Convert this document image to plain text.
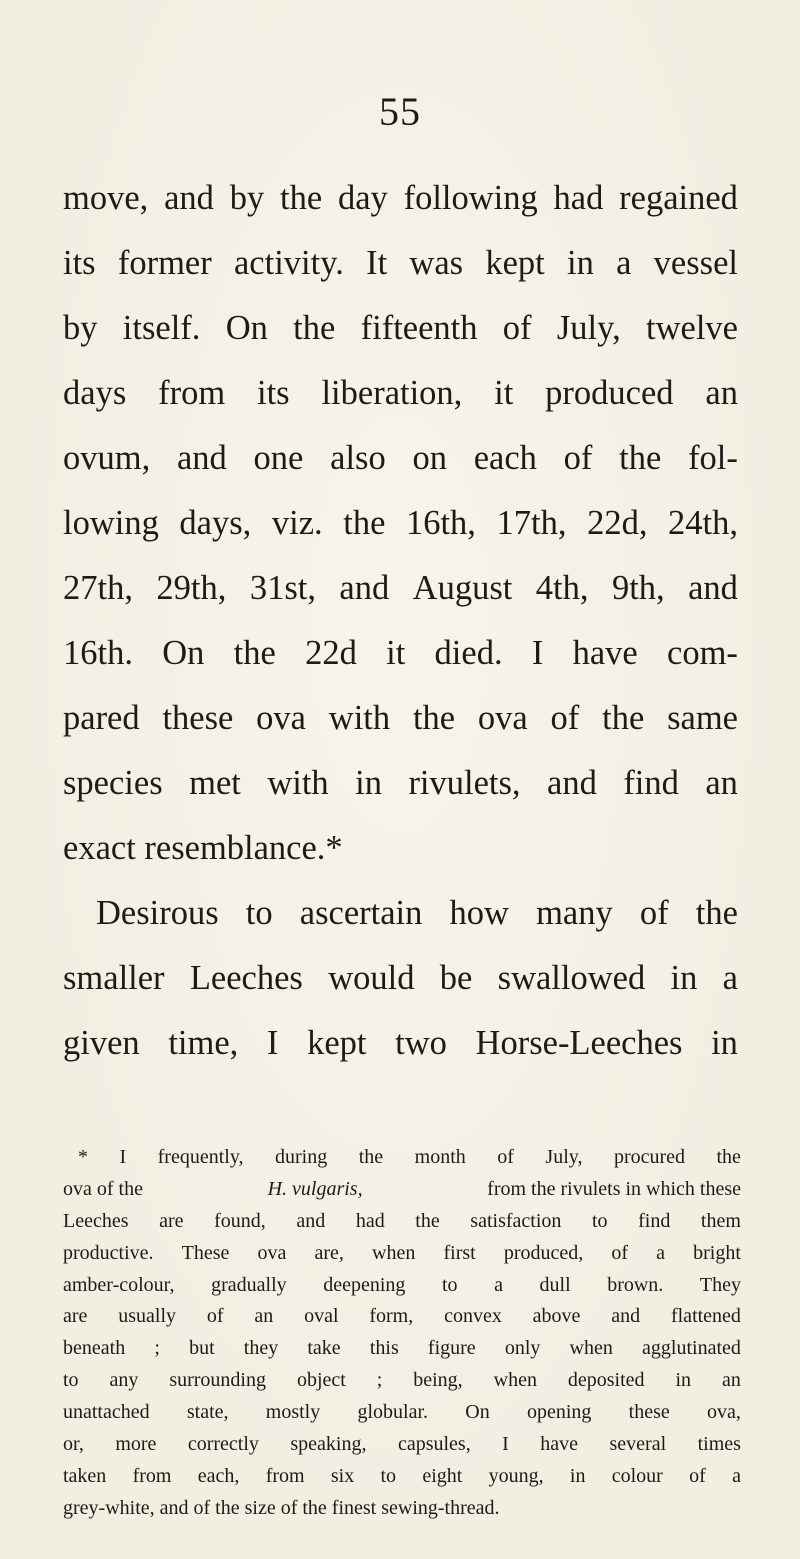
55
move, and by the day following had regained
its former activity. It was kept in a vessel
by itself. On the fifteenth of July, twelve
days from its liberation, it produced an
ovum, and one also on each of the fol-
lowing days, viz. the 16th, 17th, 22d, 24th,
27th, 29th, 31st, and August 4th, 9th, and
16th. On the 22d it died. I have com-
pared these ova with the ova of the same
species met with in rivulets, and find an
exact resemblance.*
Desirous to ascertain how many of the
smaller Leeches would be swallowed in a
given time, I kept two Horse-Leeches in
* I frequently, during the month of July, procured the
ova of the	H. vulgaris,	from the rivulets in which these
Leeches are found, and had the satisfaction to find them
productive. These ova are, when first produced, of a bright
amber-colour, gradually deepening to a dull brown. They
are usually of an oval form, convex above and flattened
beneath ; but they take this figure only when agglutinated
to any surrounding object ; being, when deposited in an
unattached state, mostly globular. On opening these ova,
or, more correctly speaking, capsules, I have several times
taken from each, from six to eight young, in colour of a
grey-white, and of the size of the finest sewing-thread.
